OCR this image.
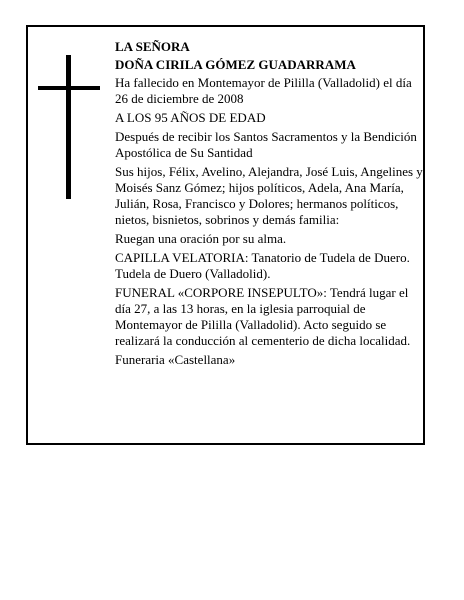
LA SEÑORA

DOÑA CIRILA GÓMEZ GUADARRAMA

Ha fallecido en Montemayor de Pililla (Valladolid) el día 26 de diciembre de 2008

A LOS 95 AÑOS DE EDAD

Después de recibir los Santos Sacramentos y la Bendición Apostólica de Su Santidad

Sus hijos, Félix, Avelino, Alejandra, José Luis, Angelines y Moisés Sanz Gómez; hijos políticos, Adela, Ana María, Julián, Rosa, Francisco y Dolores; hermanos políticos, nietos, bisnietos, sobrinos y demás familia:

Ruegan una oración por su alma.

CAPILLA VELATORIA: Tanatorio de Tudela de Duero. Tudela de Duero (Valladolid).

FUNERAL «CORPORE INSEPULTO»: Tendrá lugar el día 27, a las 13 horas, en la iglesia parroquial de Montemayor de Pililla (Valladolid). Acto seguido se realizará la conducción al cementerio de dicha localidad.

Funeraria «Castellana»
